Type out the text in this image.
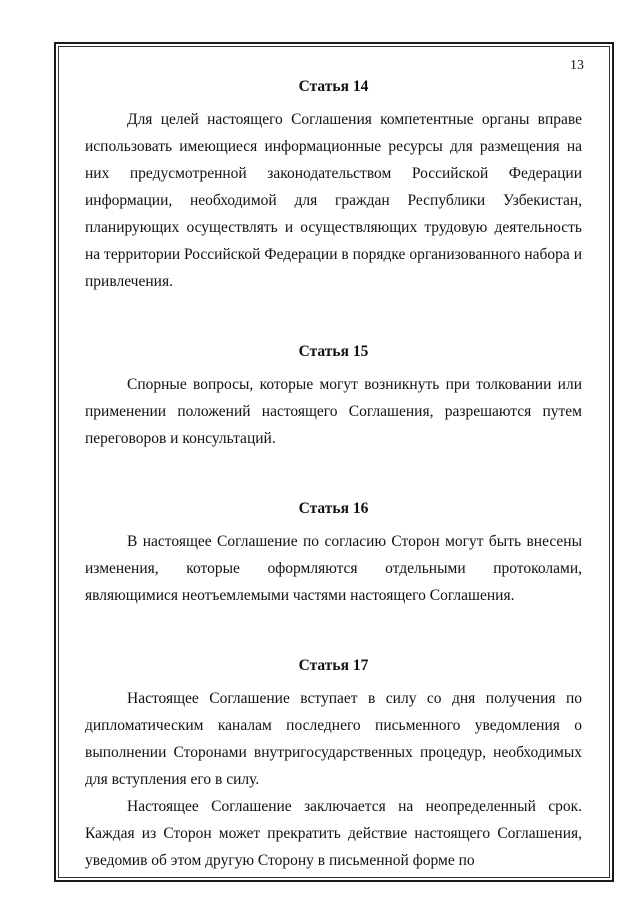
13
Статья 14

Для целей настоящего Соглашения компетентные органы вправе использовать имеющиеся информационные ресурсы для размещения на них предусмотренной законодательством Российской Федерации информации, необходимой для граждан Республики Узбекистан, планирующих осуществлять и осуществляющих трудовую деятельность на территории Российской Федерации в порядке организованного набора и привлечения.

Статья 15

Спорные вопросы, которые могут возникнуть при толковании или применении положений настоящего Соглашения, разрешаются путем переговоров и консультаций.

Статья 16

В настоящее Соглашение по согласию Сторон могут быть внесены изменения, которые оформляются отдельными протоколами, являющимися неотъемлемыми частями настоящего Соглашения.

Статья 17

Настоящее Соглашение вступает в силу со дня получения по дипломатическим каналам последнего письменного уведомления о выполнении Сторонами внутригосударственных процедур, необходимых для вступления его в силу.

Настоящее Соглашение заключается на неопределенный срок. Каждая из Сторон может прекратить действие настоящего Соглашения, уведомив об этом другую Сторону в письменной форме по
